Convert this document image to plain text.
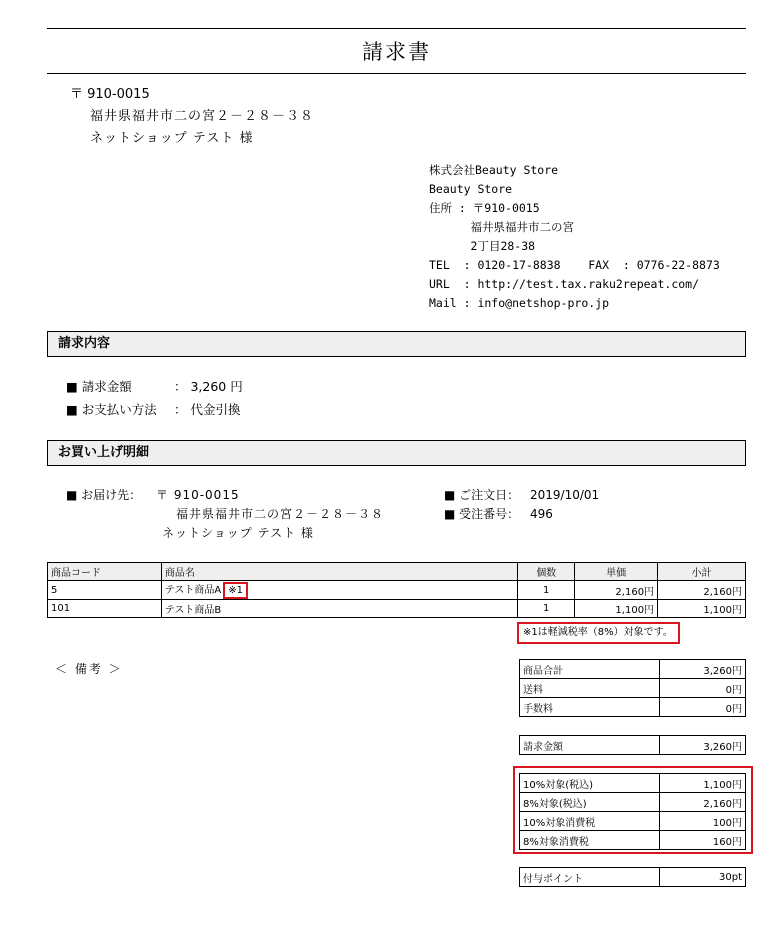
請求書
〒 910-0015
福井県福井市二の宮２－２８－３８
ネットショップ テスト 様
株式会社Beauty Store
Beauty Store
住所 : 〒910-0015
福井県福井市二の宮
2丁目28-38
TEL  : 0120-17-8838    FAX  : 0776-22-8873
URL  : http://test.tax.raku2repeat.com/
Mail : info@netshop-pro.jp
請求内容
■ 請求金額	： 3,260 円
■ お支払い方法 ： 代金引換
お買い上げ明細
■ お届け先：	〒 910-0015
福井県福井市二の宮２－２８－３８
ネットショップ テスト 様
■ ご注文日： 2019/10/01
■ 受注番号： 496
商品コード	商品名	個数	単価	小計
5	テスト商品A ※1	1	2,160円	2,160円
101	テスト商品B	1	1,100円	1,100円
※1は軽減税率（8%）対象です。
＜ 備考 ＞	商品合計	3,260円
送料	0円
手数料	0円
請求金額	3,260円
10%対象(税込)	1,100円
8%対象(税込)	2,160円
10%対象消費税	100円
8%対象消費税	160円
付与ポイント	30pt
